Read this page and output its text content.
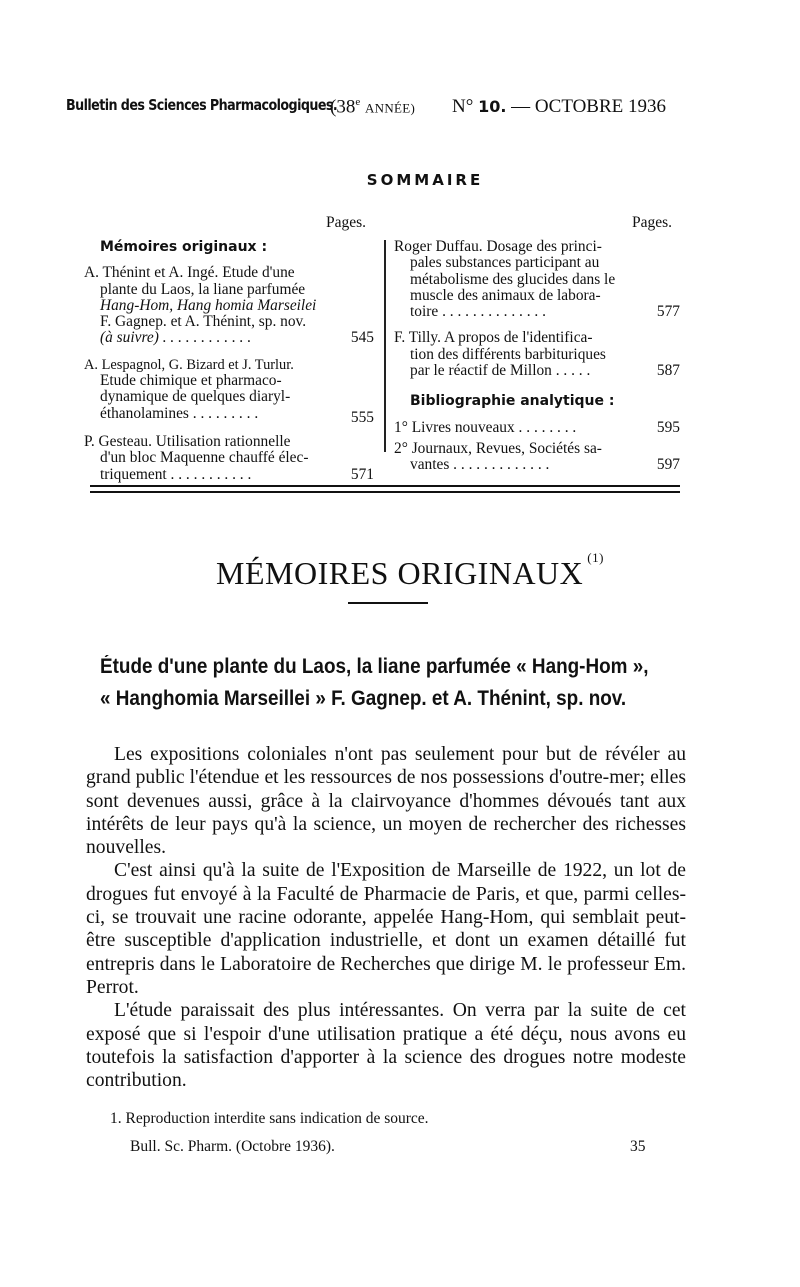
Bulletin des Sciences Pharmacologiques.
(38e ANNÉE) N° 10. — OCTOBRE 1936
SOMMAIRE
Pages.	Pages.
Mémoires originaux :
A. Thénint et A. Ingé. Etude d'une
plante du Laos, la liane parfumée
Hang-Hom, Hang homia Marseilei
F. Gagnep. et A. Thénint, sp. nov.
(à suivre) . . . . . . . . . . . .	545
A. Lespagnol, G. Bizard et J. Turlur.
Etude chimique et pharmaco-
dynamique de quelques diaryl-
éthanolamines . . . . . . . . .	555
P. Gesteau. Utilisation rationnelle
d'un bloc Maquenne chauffé élec-
triquement . . . . . . . . . . .	571
Roger Duffau. Dosage des princi-
pales substances participant au
métabolisme des glucides dans le
muscle des animaux de labora-
toire . . . . . . . . . . . . . .	577
F. Tilly. A propos de l'identifica-
tion des différents barbituriques
par le réactif de Millon . . . . .	587
Bibliographie analytique :
1° Livres nouveaux . . . . . . . .	595
2° Journaux, Revues, Sociétés sa-
vantes . . . . . . . . . . . . .	597
MÉMOIRES ORIGINAUX $^{(1)}$
Étude d'une plante du Laos, la liane parfumée « Hang-Hom »,
« Hanghomia Marseillei » F. Gagnep. et A. Thénint, sp. nov.

Les expositions coloniales n'ont pas seulement pour but de révéler au grand public l'étendue et les ressources de nos possessions d'outre-mer; elles sont devenues aussi, grâce à la clairvoyance d'hommes dévoués tant aux intérêts de leur pays qu'à la science, un moyen de rechercher des richesses nouvelles.

C'est ainsi qu'à la suite de l'Exposition de Marseille de 1922, un lot de drogues fut envoyé à la Faculté de Pharmacie de Paris, et que, parmi celles-ci, se trouvait une racine odorante, appelée Hang-Hom, qui semblait peut-être susceptible d'application industrielle, et dont un examen détaillé fut entrepris dans le Laboratoire de Recherches que dirige M. le professeur Em. Perrot.

L'étude paraissait des plus intéressantes. On verra par la suite de cet exposé que si l'espoir d'une utilisation pratique a été déçu, nous avons eu toutefois la satisfaction d'apporter à la science des drogues notre modeste contribution.

1. Reproduction interdite sans indication de source.
Bull. Sc. Pharm. (Octobre 1936).	35
